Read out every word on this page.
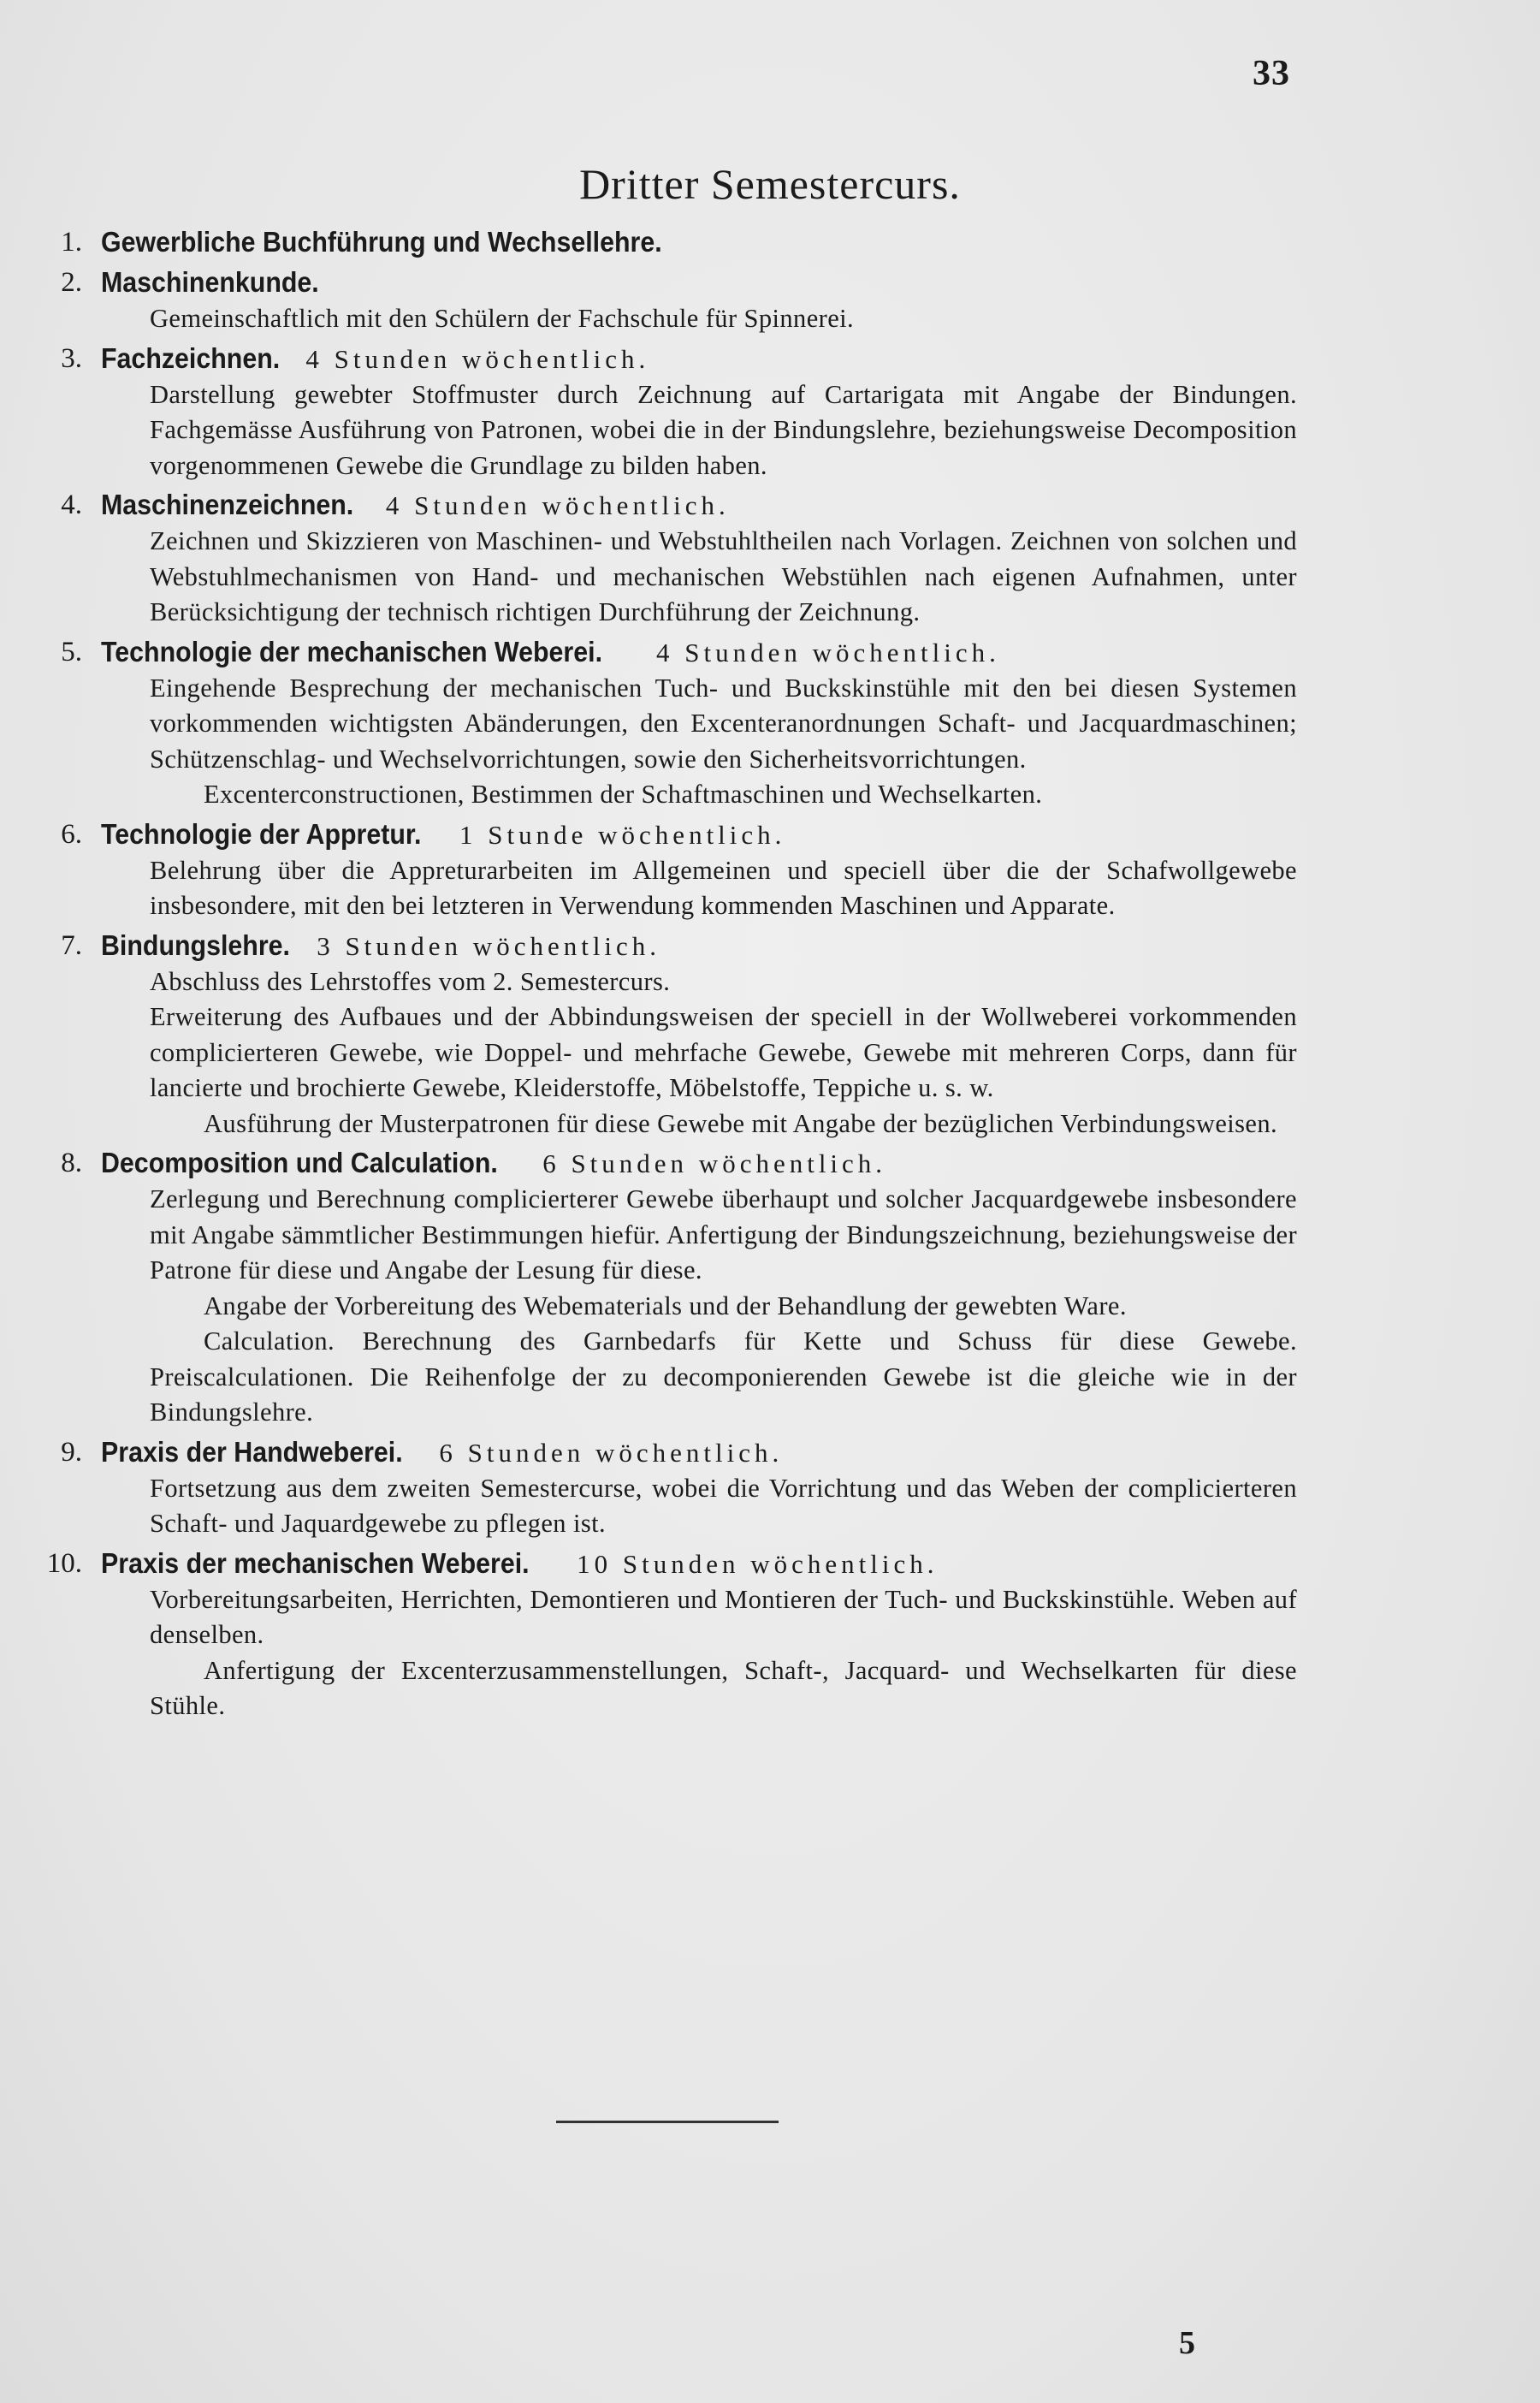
33
Dritter Semestercurs.
1. Gewerbliche Buchführung und Wechsellehre.
2. Maschinenkunde.

Gemeinschaftlich mit den Schülern der Fachschule für Spinnerei.

3. Fachzeichnen. 4 Stunden wöchentlich.

Darstellung gewebter Stoffmuster durch Zeichnung auf Cartarigata mit Angabe der Bindungen. Fachgemässe Ausführung von Patronen, wobei die in der Bindungslehre, beziehungsweise Decomposition vorgenommenen Gewebe die Grundlage zu bilden haben.

4. Maschinenzeichnen. 4 Stunden wöchentlich.

Zeichnen und Skizzieren von Maschinen- und Webstuhltheilen nach Vorlagen. Zeichnen von solchen und Webstuhlmechanismen von Hand- und mechanischen Webstühlen nach eigenen Aufnahmen, unter Berücksichtigung der technisch richtigen Durchführung der Zeichnung.

5. Technologie der mechanischen Weberei. 4 Stunden wöchentlich.

Eingehende Besprechung der mechanischen Tuch- und Buckskinstühle mit den bei diesen Systemen vorkommenden wichtigsten Abänderungen, den Excenteranordnungen Schaft- und Jacquardmaschinen; Schützenschlag- und Wechselvorrichtungen, sowie den Sicherheitsvorrichtungen.

Excenterconstructionen, Bestimmen der Schaftmaschinen und Wechselkarten.

6. Technologie der Appretur. 1 Stunde wöchentlich.

Belehrung über die Appreturarbeiten im Allgemeinen und speciell über die der Schafwollgewebe insbesondere, mit den bei letzteren in Verwendung kommenden Maschinen und Apparate.

7. Bindungslehre. 3 Stunden wöchentlich.

Abschluss des Lehrstoffes vom 2. Semestercurs.

Erweiterung des Aufbaues und der Abbindungsweisen der speciell in der Wollweberei vorkommenden complicierteren Gewebe, wie Doppel- und mehrfache Gewebe, Gewebe mit mehreren Corps, dann für lancierte und brochierte Gewebe, Kleiderstoffe, Möbelstoffe, Teppiche u. s. w.

Ausführung der Musterpatronen für diese Gewebe mit Angabe der bezüglichen Verbindungsweisen.

8. Decomposition und Calculation. 6 Stunden wöchentlich.

Zerlegung und Berechnung complicierterer Gewebe überhaupt und solcher Jacquardgewebe insbesondere mit Angabe sämmtlicher Bestimmungen hiefür. Anfertigung der Bindungszeichnung, beziehungsweise der Patrone für diese und Angabe der Lesung für diese.

Angabe der Vorbereitung des Webematerials und der Behandlung der gewebten Ware.

Calculation. Berechnung des Garnbedarfs für Kette und Schuss für diese Gewebe. Preiscalculationen. Die Reihenfolge der zu decomponierenden Gewebe ist die gleiche wie in der Bindungslehre.

9. Praxis der Handweberei. 6 Stunden wöchentlich.

Fortsetzung aus dem zweiten Semestercurse, wobei die Vorrichtung und das Weben der complicierteren Schaft- und Jaquardgewebe zu pflegen ist.

10. Praxis der mechanischen Weberei. 10 Stunden wöchentlich.

Vorbereitungsarbeiten, Herrichten, Demontieren und Montieren der Tuch- und Buckskinstühle. Weben auf denselben.

Anfertigung der Excenterzusammenstellungen, Schaft-, Jacquard- und Wechselkarten für diese Stühle.

5
